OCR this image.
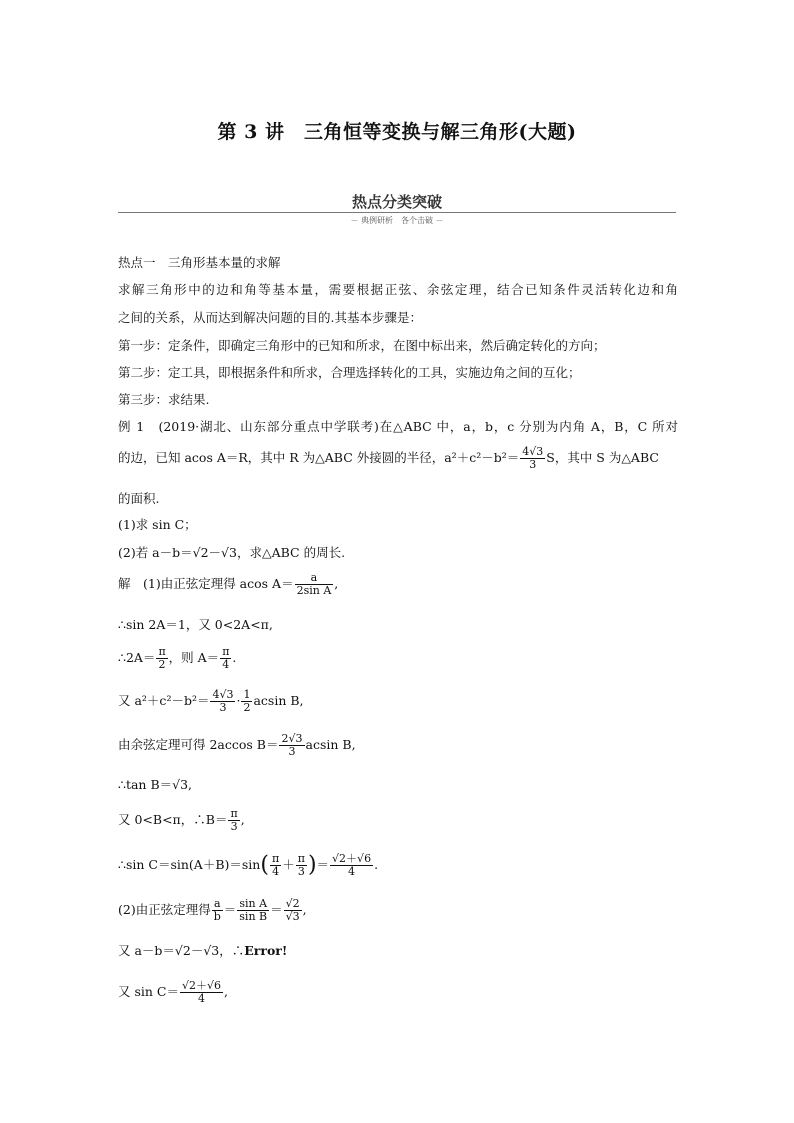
第 3 讲　三角恒等变换与解三角形(大题)
热点分类突破
－ 典例研析　各个击破 －
热点一　三角形基本量的求解
求解三角形中的边和角等基本量，需要根据正弦、余弦定理，结合已知条件灵活转化边和角
之间的关系，从而达到解决问题的目的.其基本步骤是：
第一步：定条件，即确定三角形中的已知和所求，在图中标出来，然后确定转化的方向；
第二步：定工具，即根据条件和所求，合理选择转化的工具，实施边角之间的互化；
第三步：求结果.
例 1　(2019·湖北、山东部分重点中学联考)在△ABC 中，a，b，c 分别为内角 A，B，C 所对
的边，已知 acos A＝R，其中 R 为△ABC 外接圆的半径，$a^2+c^2-b^2= \frac{4√3}{3}$ S，其中 S 为△ABC
的面积.
(1)求 sin C；
(2)若 a－b＝√2－√3，求△ABC 的周长.
解　(1)由正弦定理得 acos $A= \frac{a}{\text{2sin A}}$ ,
∴sin 2A＝1，又 0<2A<π,
∴2A＝ $\frac{\pi}{2}$ ，则 $A= \frac{\pi}{4}$ .
又 $a^2+c^2-b^2= \frac{4√3}{3} \cdot \frac{1}{2}$ acsin B,
由余弦定理可得 2accos $B= \frac{2√3}{3}$ acsin B,
∴tan B＝√3,
又 0<B<π，∴B＝ $\frac{\pi}{3}$ ,
∴sin $C=\sin(A+B)=\sin( \frac{\pi}{4} + \frac{\pi}{3}$ )＝ $\frac{√2+√6}{4}$ .
(2)由正弦定理得 $\frac{a}{b} = \frac{\text{sin A}}{\text{sin B}} = \frac{√2}{√3}$ ,
又 a－b＝√2－√3，∴Error!
又 $\sin C= \frac{√2+√6}{4}$ ,
